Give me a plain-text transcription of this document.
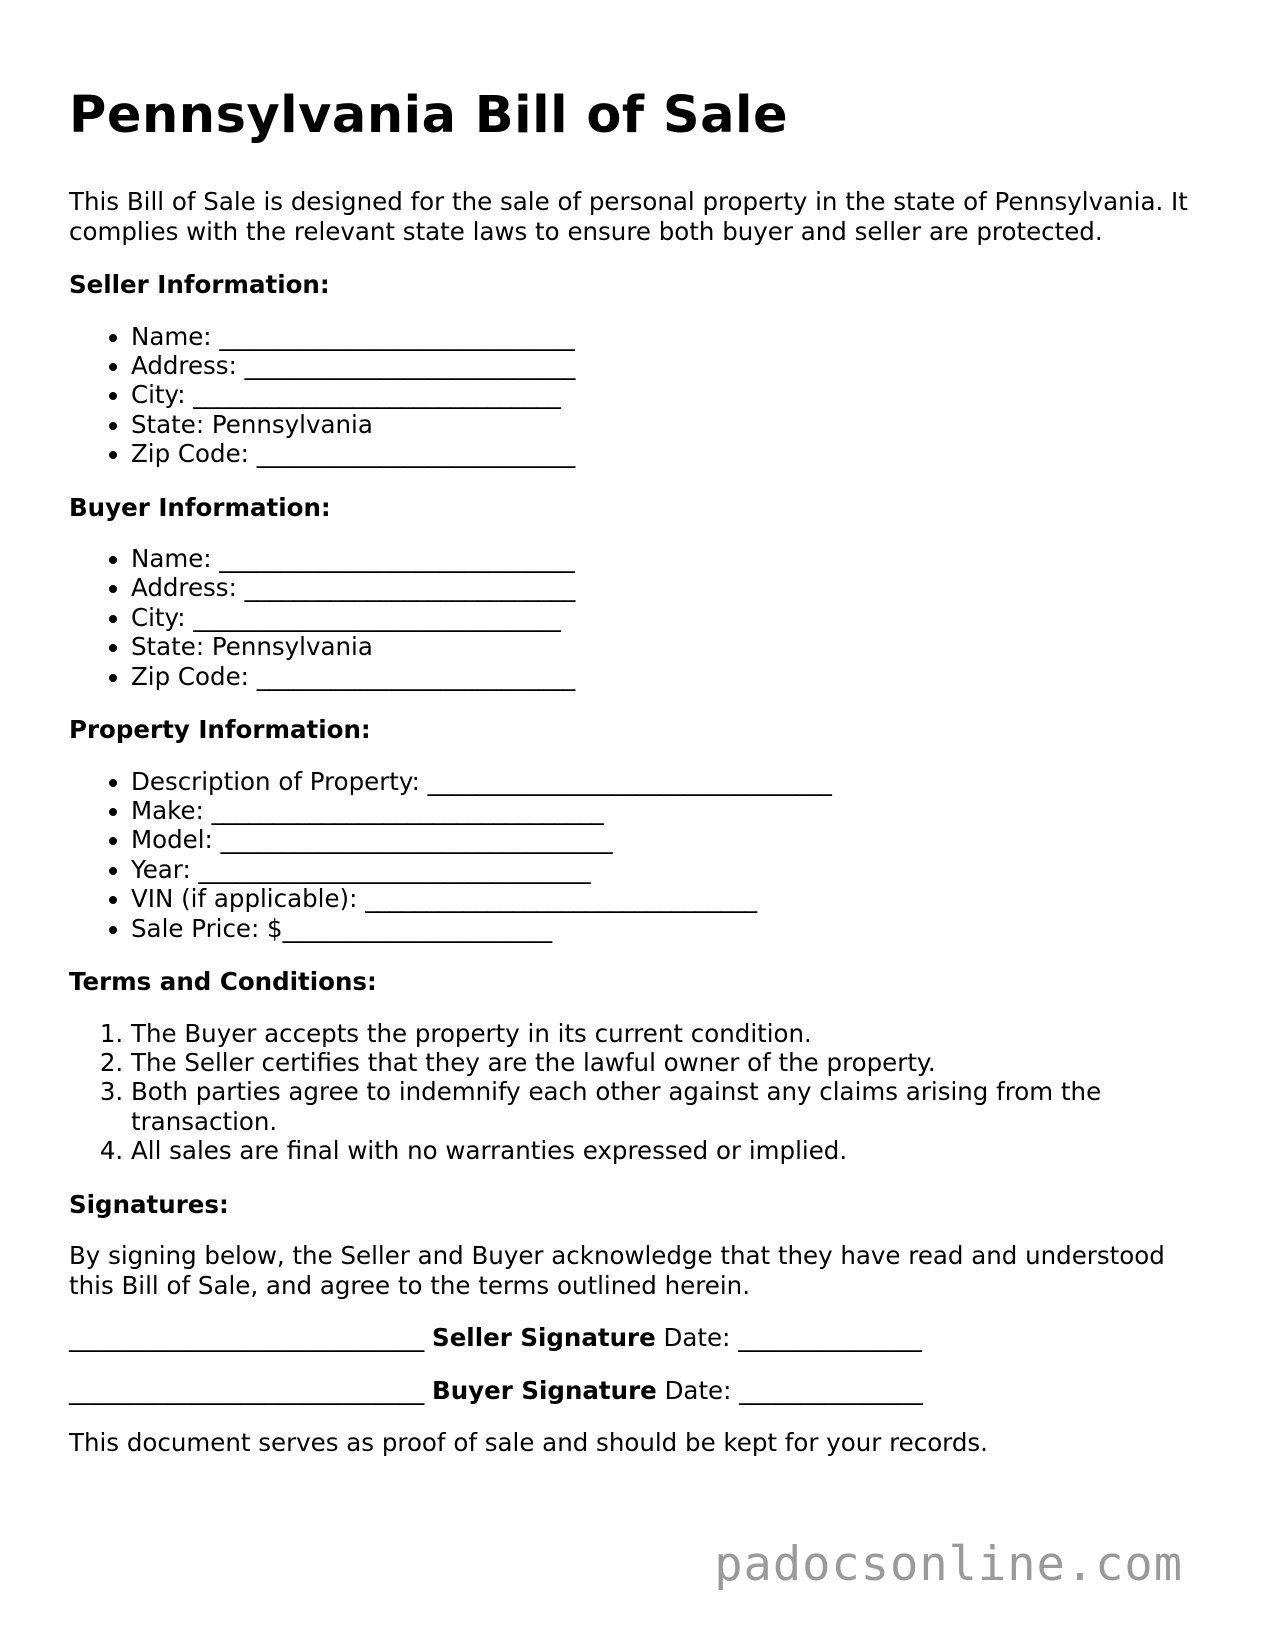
Pennsylvania Bill of Sale

This Bill of Sale is designed for the sale of personal property in the state of Pennsylvania. It complies with the relevant state laws to ensure both buyer and seller are protected.

Seller Information:
• Name: _____________________________
• Address: ___________________________
• City: ______________________________
• State: Pennsylvania
• Zip Code: __________________________
Buyer Information:
• Name: _____________________________
• Address: ___________________________
• City: ______________________________
• State: Pennsylvania
• Zip Code: __________________________
Property Information:
• Description of Property: _________________________________
• Make: ________________________________
• Model: ________________________________
• Year: ________________________________
• VIN (if applicable): ________________________________
• Sale Price: $______________________
Terms and Conditions:
1. The Buyer accepts the property in its current condition.
2. The Seller certifies that they are the lawful owner of the property.
3. Both parties agree to indemnify each other against any claims arising from the transaction.
4. All sales are final with no warranties expressed or implied.
Signatures:

By signing below, the Seller and Buyer acknowledge that they have read and understood this Bill of Sale, and agree to the terms outlined herein.

_____________________________ Seller Signature Date: _______________
_____________________________ Buyer Signature Date: _______________

This document serves as proof of sale and should be kept for your records.

padocsonline.com
